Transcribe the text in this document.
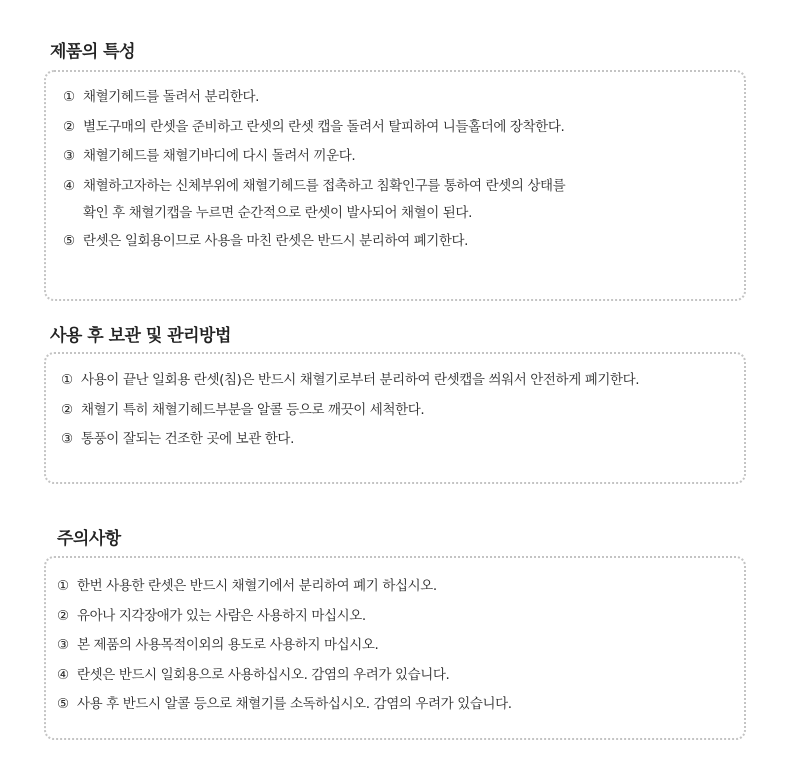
제품의 특성
① 채혈기헤드를 돌려서 분리한다.
② 별도구매의 란셋을 준비하고 란셋의 란셋 캡을 돌려서 탈피하여 니들홀더에 장착한다.
③ 채혈기헤드를 채혈기바디에 다시 돌려서 끼운다.
④ 채혈하고자하는 신체부위에 채혈기헤드를 접촉하고 침확인구를 통하여 란셋의 상태를
확인 후 채혈기캡을 누르면 순간적으로 란셋이 발사되어 채혈이 된다.
⑤ 란셋은 일회용이므로 사용을 마친 란셋은 반드시 분리하여 폐기한다.
사용 후 보관 및 관리방법
① 사용이 끝난 일회용 란셋(침)은 반드시 채혈기로부터 분리하여 란셋캡을 씌워서 안전하게 폐기한다.
② 채혈기 특히 채혈기헤드부분을 알콜 등으로 깨끗이 세척한다.
③ 통풍이 잘되는 건조한 곳에 보관 한다.
주의사항
① 한번 사용한 란셋은 반드시 채혈기에서 분리하여 폐기 하십시오.
② 유아나 지각장애가 있는 사람은 사용하지 마십시오.
③ 본 제품의 사용목적이외의 용도로 사용하지 마십시오.
④ 란셋은 반드시 일회용으로 사용하십시오. 감염의 우려가 있습니다.
⑤ 사용 후 반드시 알콜 등으로 채혈기를 소독하십시오. 감염의 우려가 있습니다.
